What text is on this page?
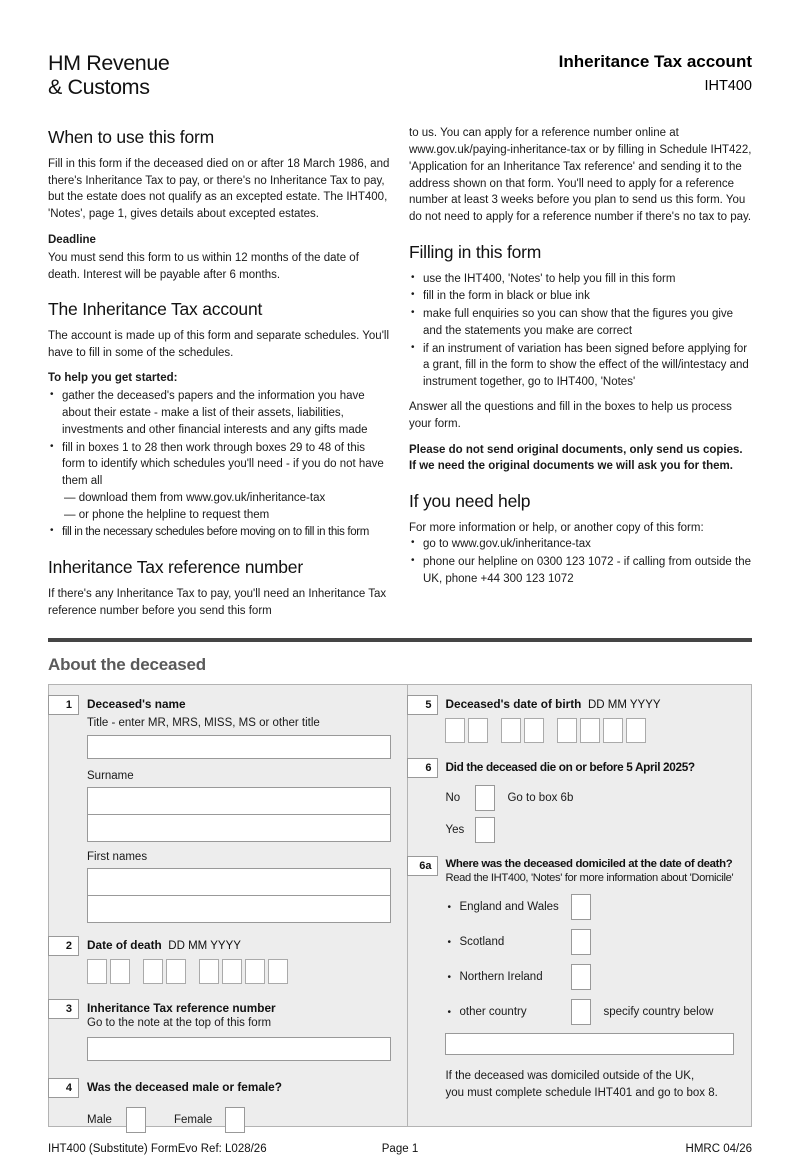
HM Revenue
& Customs
Inheritance Tax account
IHT400
When to use this form
Fill in this form if the deceased died on or after 18 March 1986, and there's Inheritance Tax to pay, or there's no Inheritance Tax to pay, but the estate does not qualify as an excepted estate. The IHT400, 'Notes', page 1, gives details about excepted estates.
Deadline
You must send this form to us within 12 months of the date of death. Interest will be payable after 6 months.
The Inheritance Tax account
The account is made up of this form and separate schedules. You'll have to fill in some of the schedules.
To help you get started:
• gather the deceased's papers and the information you have about their estate - make a list of their assets, liabilities, investments and other financial interests and any gifts made
• fill in boxes 1 to 28 then work through boxes 29 to 48 of this form to identify which schedules you'll need - if you do not have them all
— download them from www.gov.uk/inheritance-tax
— or phone the helpline to request them
• fill in the necessary schedules before moving on to fill in this form
Inheritance Tax reference number
If there's any Inheritance Tax to pay, you'll need an Inheritance Tax reference number before you send this form
to us. You can apply for a reference number online at www.gov.uk/paying-inheritance-tax or by filling in Schedule IHT422, 'Application for an Inheritance Tax reference' and sending it to the address shown on that form. You'll need to apply for a reference number at least 3 weeks before you plan to send us this form. You do not need to apply for a reference number if there's no tax to pay.
Filling in this form
• use the IHT400, 'Notes' to help you fill in this form
• fill in the form in black or blue ink
• make full enquiries so you can show that the figures you give and the statements you make are correct
• if an instrument of variation has been signed before applying for a grant, fill in the form to show the effect of the will/intestacy and instrument together, go to IHT400, 'Notes'
Answer all the questions and fill in the boxes to help us process your form.
Please do not send original documents, only send us copies. If we need the original documents we will ask you for them.
If you need help
For more information or help, or another copy of this form:
• go to www.gov.uk/inheritance-tax
• phone our helpline on 0300 123 1072 - if calling from outside the UK, phone +44 300 123 1072
About the deceased
1	Deceased's name
Title - enter MR, MRS, MISS, MS or other title
Surname
First names
2	Date of death DD MM YYYY
3	Inheritance Tax reference number
Go to the note at the top of this form
4	Was the deceased male or female?
Male	Female
5	Deceased's date of birth DD MM YYYY
6	Did the deceased die on or before 5 April 2025?
No	Go to box 6b
Yes
6a	Where was the deceased domiciled at the date of death?
Read the IHT400, 'Notes' for more information about 'Domicile'
• England and Wales
• Scotland
• Northern Ireland
• other country	specify country below
If the deceased was domiciled outside of the UK,
you must complete schedule IHT401 and go to box 8.
IHT400 (Substitute) FormEvo Ref: L028/26	Page 1	HMRC 04/26
